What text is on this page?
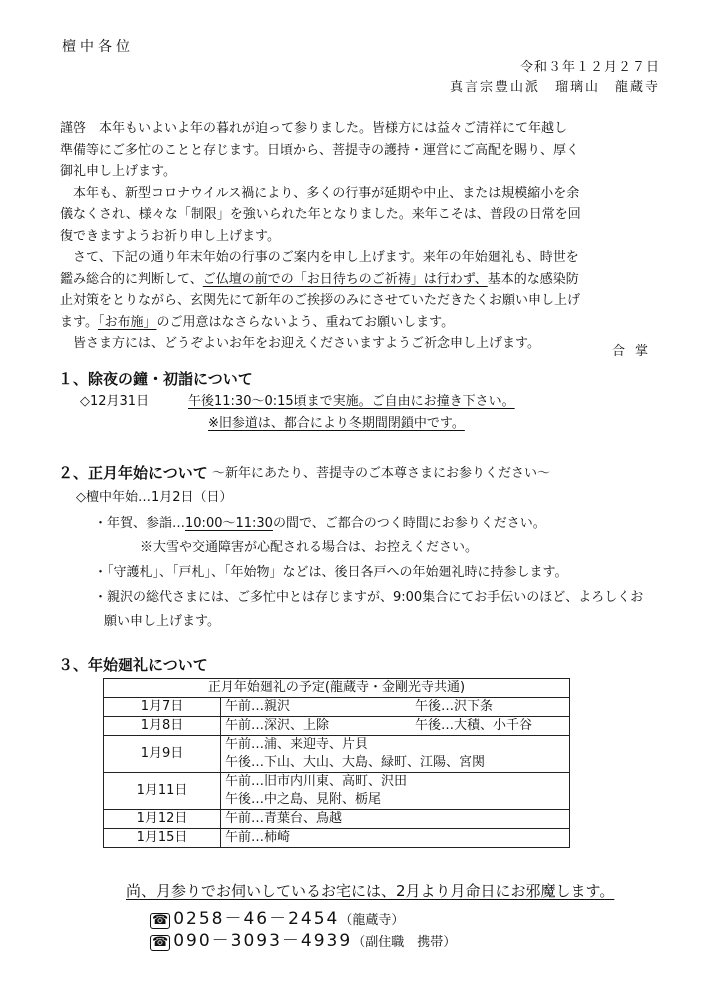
檀中各位
令和３年１２月２７日
真言宗豊山派　瑠璃山　龍蔵寺
謹啓　本年もいよいよ年の暮れが迫って参りました。皆様方には益々ご清祥にて年越し
準備等にご多忙のことと存じます。日頃から、菩提寺の護持・運営にご高配を賜り、厚く
御礼申し上げます。
本年も、新型コロナウイルス禍により、多くの行事が延期や中止、または規模縮小を余
儀なくされ、様々な「制限」を強いられた年となりました。来年こそは、普段の日常を回
復できますようお祈り申し上げます。
さて、下記の通り年末年始の行事のご案内を申し上げます。来年の年始廻礼も、時世を
鑑み総合的に判断して、ご仏壇の前での「お日待ちのご祈祷」は行わず、基本的な感染防
止対策をとりながら、玄関先にて新年のご挨拶のみにさせていただきたくお願い申し上げ
ます。「お布施」のご用意はなさらないよう、重ねてお願いします。
皆さま方には、どうぞよいお年をお迎えくださいますようご祈念申し上げます。
合掌
１、除夜の鐘・初詣について
◇12月31日	午後11:30～0:15頃まで実施。ご自由にお撞き下さい。
※旧参道は、都合により冬期間閉鎖中です。
２、正月年始について ～新年にあたり、菩提寺のご本尊さまにお参りください～
◇檀中年始…1月2日（日）
・年賀、参詣…10:00～11:30の間で、ご都合のつく時間にお参りください。
※大雪や交通障害が心配される場合は、お控えください。
・「守護札」、「戸札」、「年始物」などは、後日各戸への年始廻礼時に持参します。
・親沢の総代さまには、ご多忙中とは存じますが、9:00集合にてお手伝いのほど、よろしくお
願い申し上げます。
３、年始廻礼について
正月年始廻礼の予定(龍蔵寺・金剛光寺共通)	
1月7日	午前…親沢 午後…沢下条
1月8日	午前…深沢、上除 午後…大積、小千谷
1月9日	午前…浦、来迎寺、片貝
午後…下山、大山、大島、緑町、江陽、宮関

1月11日	午前…旧市内川東、高町、沢田
午後…中之島、見附、栃尾

1月12日	午前…青葉台、鳥越
1月15日	午前…柿崎
尚、月参りでお伺いしているお宅には、2月より月命日にお邪魔します。
☎ 0258－46－2454（龍蔵寺）
☎ 090－3093－4939（副住職　携帯）
